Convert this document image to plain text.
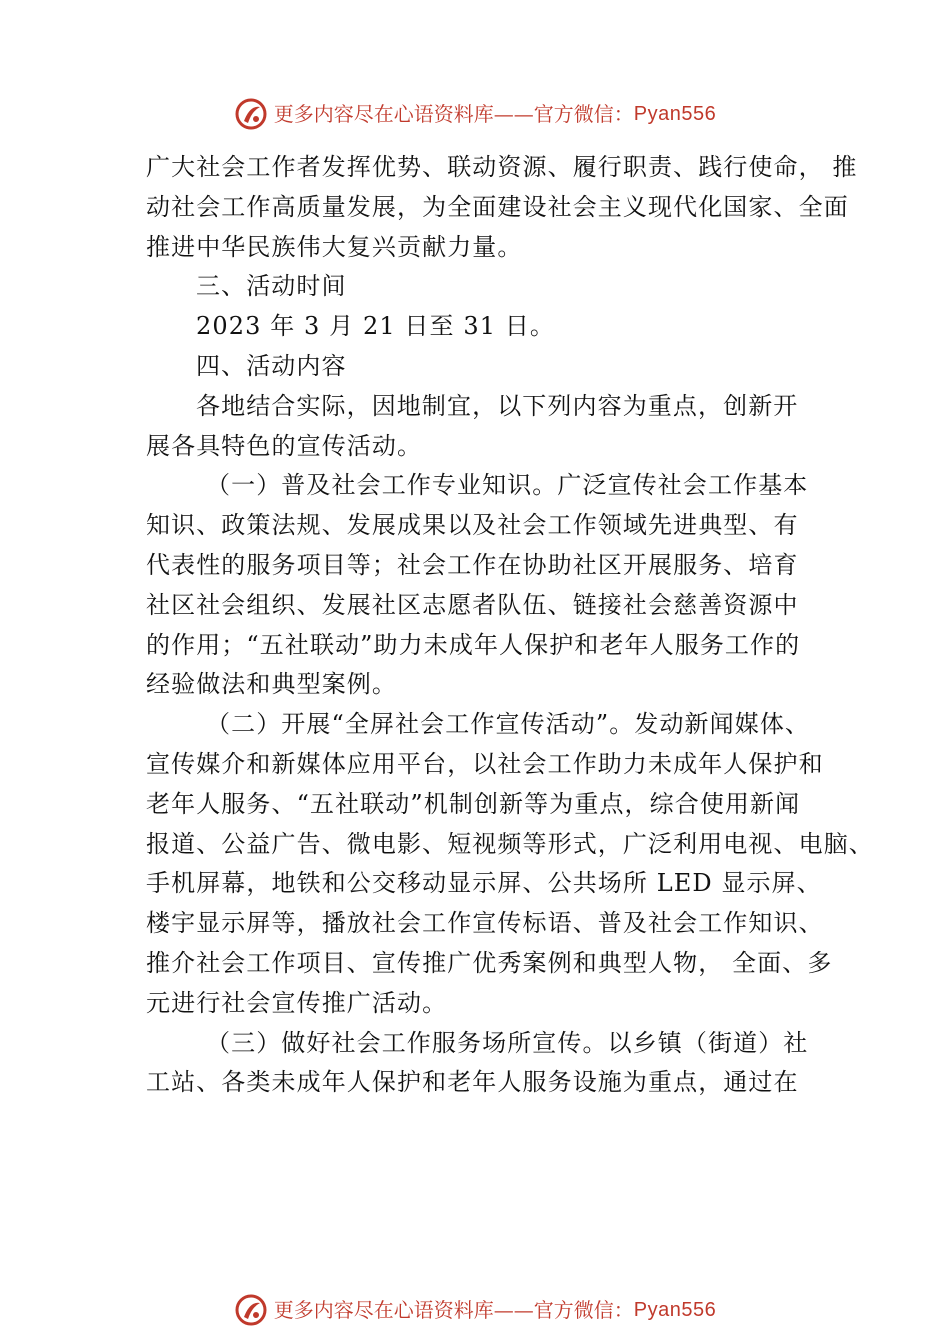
更多内容尽在心语资料库 —— 官方微信： Pyan556

广大社会工作者发挥优势、联动资源、履行职责、践行使命， 推

动社会工作高质量发展，为全面建设社会主义现代化国家、全面

推进中华民族伟大复兴贡献力量。

三、活动时间

2023 年 3 月 21 日至 31 日。

四、活动内容

各地结合实际，因地制宜，以下列内容为重点，创新开

展各具特色的宣传活动。

（一）普及社会工作专业知识。广泛宣传社会工作基本

知识、政策法规、发展成果以及社会工作领域先进典型、有

代表性的服务项目等；社会工作在协助社区开展服务、培育

社区社会组织、发展社区志愿者队伍、链接社会慈善资源中

的作用；“五社联动”助力未成年人保护和老年人服务工作的

经验做法和典型案例。

（二）开展“全屏社会工作宣传活动”。发动新闻媒体、

宣传媒介和新媒体应用平台，以社会工作助力未成年人保护和

老年人服务、“五社联动”机制创新等为重点，综合使用新闻

报道、公益广告、微电影、短视频等形式，广泛利用电视、电脑、

手机屏幕，地铁和公交移动显示屏、公共场所 LED 显示屏、

楼宇显示屏等，播放社会工作宣传标语、普及社会工作知识、

推介社会工作项目、宣传推广优秀案例和典型人物， 全面、多

元进行社会宣传推广活动。

（三）做好社会工作服务场所宣传。以乡镇（街道）社

工站、各类未成年人保护和老年人服务设施为重点，通过在

更多内容尽在心语资料库 —— 官方微信： Pyan556
